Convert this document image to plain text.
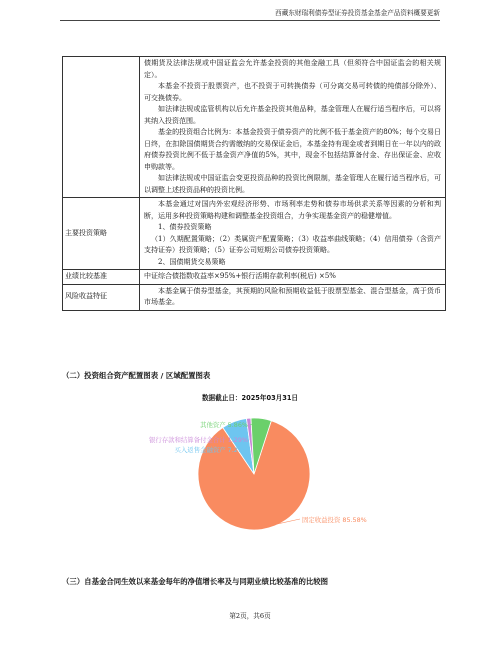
西藏东财瑞利债券型证券投资基金基金产品资料概要更新

	债期货及法律法规或中国证监会允许基金投资的其他金融工具（但须符合中国证监会的相关规定）。

本基金不投资于股票资产，也不投资于可转换债券（可分离交易可转债的纯债部分除外）、可交换债券。

如法律法规或监管机构以后允许基金投资其他品种，基金管理人在履行适当程序后，可以将其纳入投资范围。

基金的投资组合比例为：本基金投资于债券资产的比例不低于基金资产的80%；每个交易日日终，在扣除国债期货合约需缴纳的交易保证金后，本基金持有现金或者到期日在一年以内的政府债券投资比例不低于基金资产净值的5%，其中，现金不包括结算备付金、存出保证金、应收申购款等。

如法律法规或中国证监会变更投资品种的投资比例限制，基金管理人在履行适当程序后，可以调整上述投资品种的投资比例。

主要投资策略	本基金通过对国内外宏观经济形势、市场利率走势和债券市场供求关系等因素的分析和判断，运用多种投资策略构建和调整基金投资组合，力争实现基金资产的稳健增值。

1、债券投资策略

（1）久期配置策略；（2）类属资产配置策略；（3）收益率曲线策略；（4）信用债券（含资产支持证券）投资策略；（5）证券公司短期公司债券投资策略。

2、国债期货交易策略

业绩比较基准	中证综合债指数收益率×95%+银行活期存款利率(税后) ×5%
风险收益特征	本基金属于债券型基金，其预期的风险和预期收益低于股票型基金、混合型基金，高于货币市场基金。
（二）投资组合资产配置图表 / 区域配置图表
数据截止日：2025年03月31日
固定收益投资 85.58%
买入返售金融资产 7.27%
银行存款和结算备付金合计 1.29%
其他资产 5.86%
（三）自基金合同生效以来基金每年的净值增长率及与同期业绩比较基准的比较图
第2页，共6页
